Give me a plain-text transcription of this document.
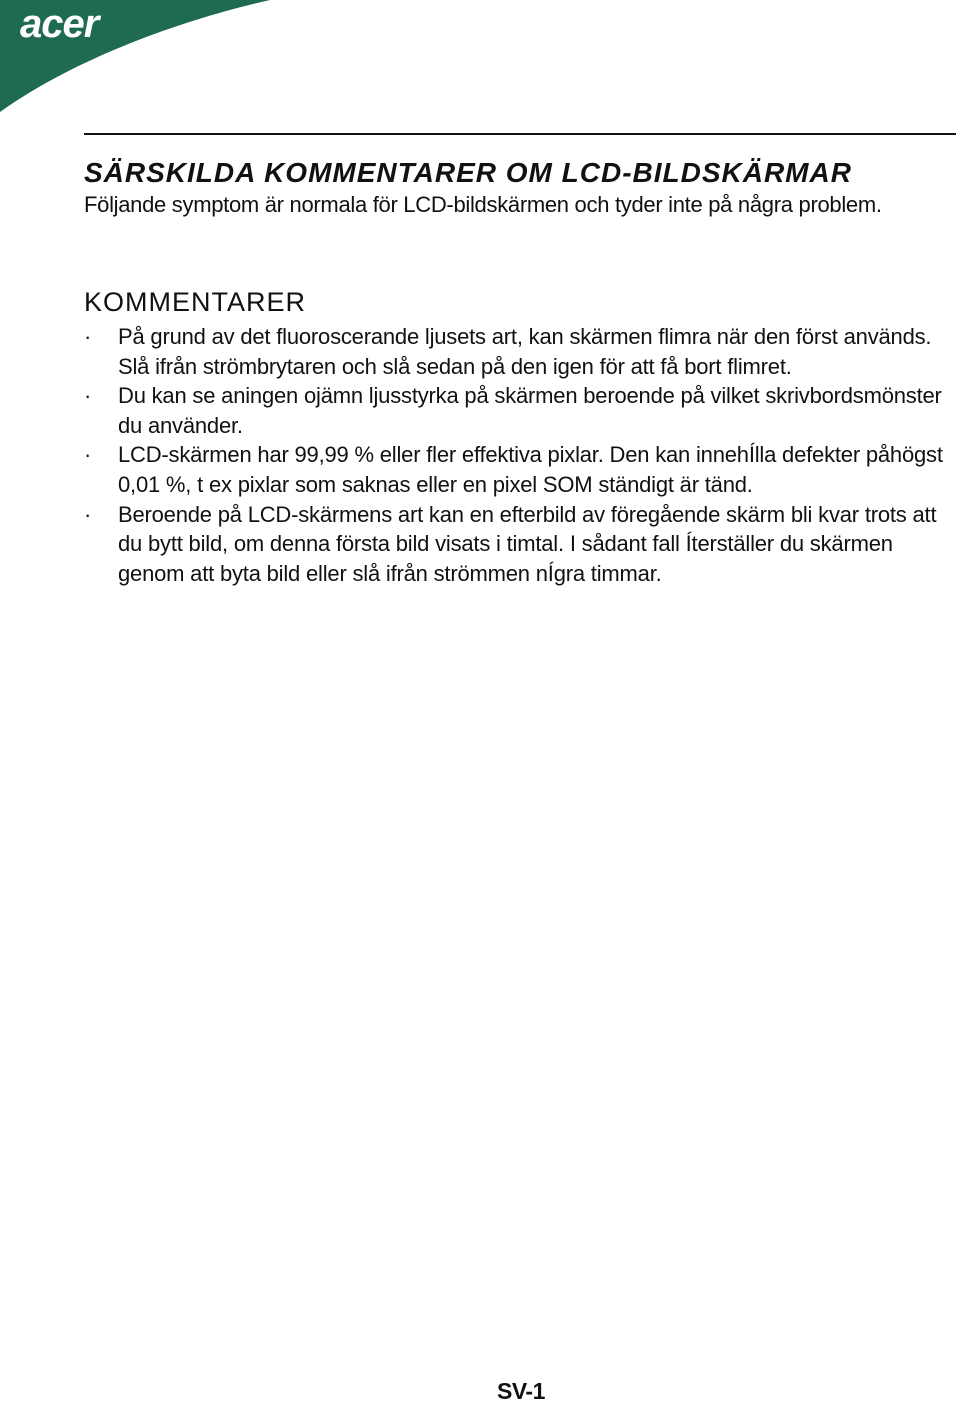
acer
SÄRSKILDA KOMMENTARER OM LCD-BILDSKÄRMAR

Följande symptom är normala för LCD-bildskärmen och tyder inte på några problem.

KOMMENTARER
·	På grund av det fluoroscerande ljusets art, kan skärmen flimra när den först används. Slå ifrån strömbrytaren och slå sedan på den igen för att få bort flimret.
·	Du kan se aningen ojämn ljusstyrka på skärmen beroende på vilket skrivbordsmönster du använder.
·	LCD-skärmen har 99,99 % eller fler effektiva pixlar. Den kan innehÍlla defekter påhögst 0,01 %, t ex pixlar som saknas eller en pixel SOM ständigt är tänd.
·	Beroende på LCD-skärmens art kan en efterbild av föregående skärm bli kvar trots att du bytt bild, om denna första bild visats i timtal. I sådant fall Íterställer du skärmen genom att byta bild eller slå ifrån strömmen nÍgra timmar.
SV-1
